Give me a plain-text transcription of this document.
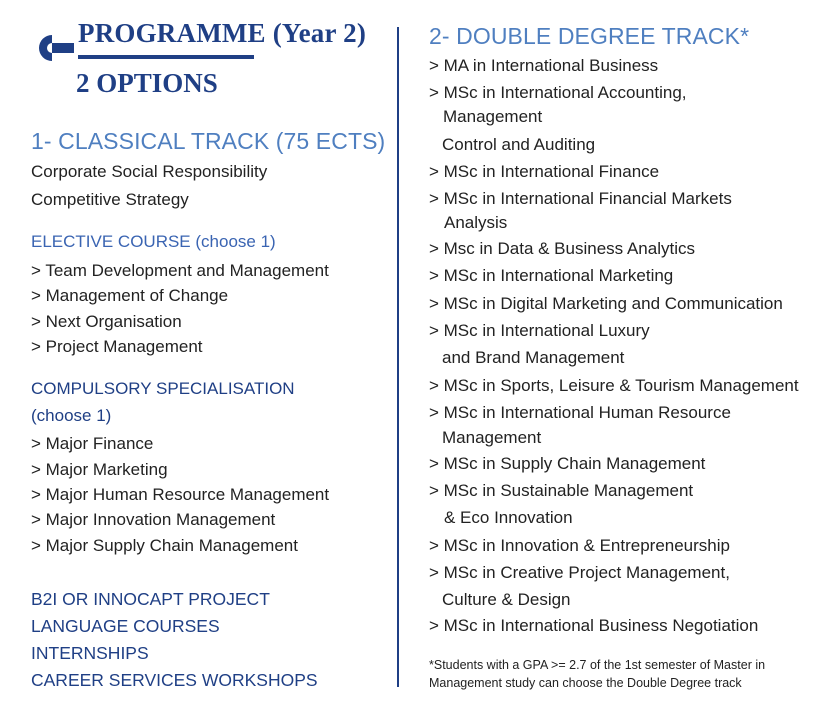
PROGRAMME (Year 2)
2 OPTIONS
1- CLASSICAL TRACK (75 ECTS)

Corporate Social Responsibility

Competitive Strategy

ELECTIVE COURSE (choose 1)

> Team Development and Management

> Management of Change

> Next Organisation

> Project Management

COMPULSORY SPECIALISATION

(choose 1)

> Major Finance

> Major Marketing

> Major Human Resource Management

> Major Innovation Management

> Major Supply Chain Management

B2I OR INNOCAPT PROJECT

LANGUAGE COURSES

INTERNSHIPS

CAREER SERVICES WORKSHOPS

2- DOUBLE DEGREE TRACK*

> MA in International Business

> MSc in International Accounting,

Management

Control and Auditing

> MSc in International Finance

> MSc in International Financial Markets

Analysis

> Msc in Data & Business Analytics

> MSc in International Marketing

> MSc in Digital Marketing and Communication

> MSc in International Luxury

and Brand Management

> MSc in Sports, Leisure & Tourism Management

> MSc in International Human Resource

Management

> MSc in Supply Chain Management

> MSc in Sustainable Management

& Eco Innovation

> MSc in Innovation & Entrepreneurship

> MSc in Creative Project Management,

Culture & Design

> MSc in International Business Negotiation

*Students with a GPA >= 2.7 of the 1st semester of Master in

Management study can choose the Double Degree track
